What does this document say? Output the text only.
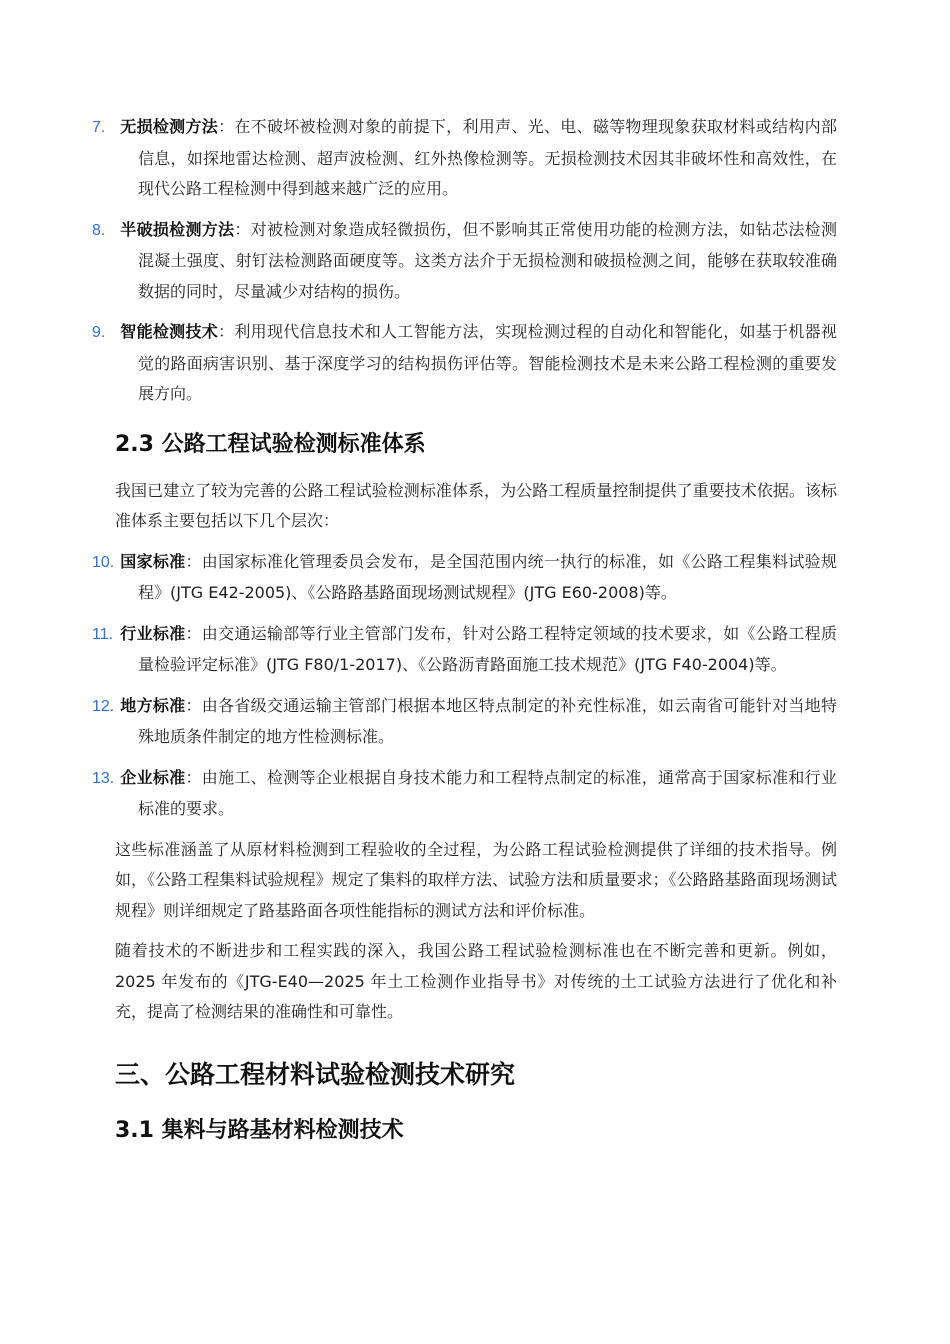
7. 无损检测方法：在不破坏被检测对象的前提下，利用声、光、电、磁等物理现象获取材料或结构内部信息，如探地雷达检测、超声波检测、红外热像检测等。无损检测技术因其非破坏性和高效性，在现代公路工程检测中得到越来越广泛的应用。
8. 半破损检测方法：对被检测对象造成轻微损伤，但不影响其正常使用功能的检测方法，如钻芯法检测混凝土强度、射钉法检测路面硬度等。这类方法介于无损检测和破损检测之间，能够在获取较准确数据的同时，尽量减少对结构的损伤。
9. 智能检测技术：利用现代信息技术和人工智能方法，实现检测过程的自动化和智能化，如基于机器视觉的路面病害识别、基于深度学习的结构损伤评估等。智能检测技术是未来公路工程检测的重要发展方向。
2.3 公路工程试验检测标准体系

我国已建立了较为完善的公路工程试验检测标准体系，为公路工程质量控制提供了重要技术依据。该标准体系主要包括以下几个层次：

10. 国家标准：由国家标准化管理委员会发布，是全国范围内统一执行的标准，如《公路工程集料试验规程》(JTG E42-2005)、《公路路基路面现场测试规程》(JTG E60-2008)等。
11. 行业标准：由交通运输部等行业主管部门发布，针对公路工程特定领域的技术要求，如《公路工程质量检验评定标准》(JTG F80/1-2017)、《公路沥青路面施工技术规范》(JTG F40-2004)等。
12. 地方标准：由各省级交通运输主管部门根据本地区特点制定的补充性标准，如云南省可能针对当地特殊地质条件制定的地方性检测标准。
13. 企业标准：由施工、检测等企业根据自身技术能力和工程特点制定的标准，通常高于国家标准和行业标准的要求。

这些标准涵盖了从原材料检测到工程验收的全过程，为公路工程试验检测提供了详细的技术指导。例如，《公路工程集料试验规程》规定了集料的取样方法、试验方法和质量要求；《公路路基路面现场测试规程》则详细规定了路基路面各项性能指标的测试方法和评价标准。

随着技术的不断进步和工程实践的深入，我国公路工程试验检测标准也在不断完善和更新。例如，2025 年发布的《JTG-E40—2025 年土工检测作业指导书》对传统的土工试验方法进行了优化和补充，提高了检测结果的准确性和可靠性。

三、公路工程材料试验检测技术研究
3.1 集料与路基材料检测技术
